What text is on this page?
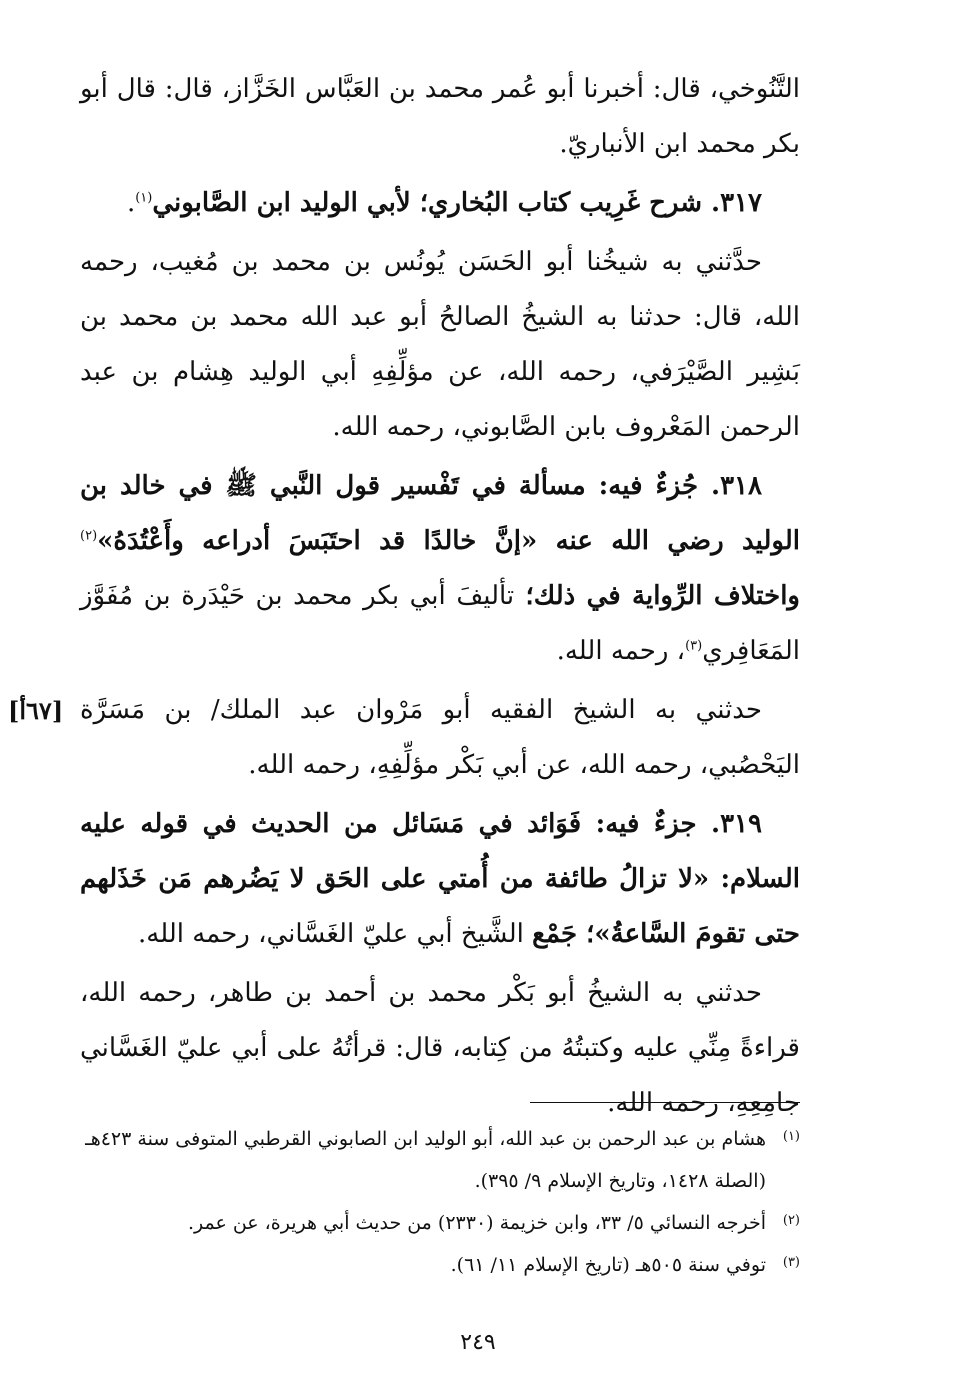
التَّنُوخي، قال: أخبرنا أبو عُمر محمد بن العَبَّاس الخَزَّاز، قال: قال أبو بكر محمد ابن الأنباريّ.

٣١٧. شرح غَرِيب كتاب البُخاري؛ لأبي الوليد ابن الصَّابوني$^{(١)}$.

حدَّثني به شيخُنا أبو الحَسَن يُونُس بن محمد بن مُغيب، رحمه الله، قال: حدثنا به الشيخُ الصالحُ أبو عبد الله محمد بن محمد بن بَشِير الصَّيْرَفي، رحمه الله، عن مؤلِّفِهِ أبي الوليد هِشام بن عبد الرحمن المَعْروف بابن الصَّابوني، رحمه الله.

٣١٨. جُزءٌ فيه: مسألة في تَفْسير قول النَّبي ﷺ في خالد بن الوليد رضي الله عنه «إنَّ خالدًا قد احتَبَسَ أدراعه وأَعْتُدَهُ»$^{(٢)}$ واختلاف الرِّواية في ذلك؛ تأليفَ أبي بكر محمد بن حَيْدَرة بن مُفَوَّز المَعَافِري$^{(٣)}$، رحمه الله.

[٦٧أ] حدثني به الشيخ الفقيه أبو مَرْوان عبد الملك/ بن مَسَرَّة اليَحْصُبي، رحمه الله، عن أبي بَكْر مؤلِّفِهِ، رحمه الله.

٣١٩. جزءٌ فيه: فَوَائد في مَسَائل من الحديث في قوله عليه السلام: «لا تزالُ طائفة من أُمتي على الحَق لا يَضُرهم مَن خَذَلهم حتى تقومَ السَّاعةُ»؛ جَمْع الشَّيخ أبي عليّ الغَسَّاني، رحمه الله.

حدثني به الشيخُ أبو بَكْر محمد بن أحمد بن طاهر، رحمه الله، قراءةً مِنِّي عليه وكتبتُهُ من كِتابه، قال: قرأتُهُ على أبي عليّ الغَسَّاني جامِعِهِ، رحمه الله.

(١)
هشام بن عبد الرحمن بن عبد الله، أبو الوليد ابن الصابوني القرطبي المتوفى سنة ٤٢٣هـ (الصلة ١٤٢٨، وتاريخ الإسلام ٩/ ٣٩٥).
(٢)
أخرجه النسائي ٥/ ٣٣، وابن خزيمة (٢٣٣٠) من حديث أبي هريرة، عن عمر.
(٣)
توفي سنة ٥٠٥هـ (تاريخ الإسلام ١١/ ٦١).
٢٤٩
